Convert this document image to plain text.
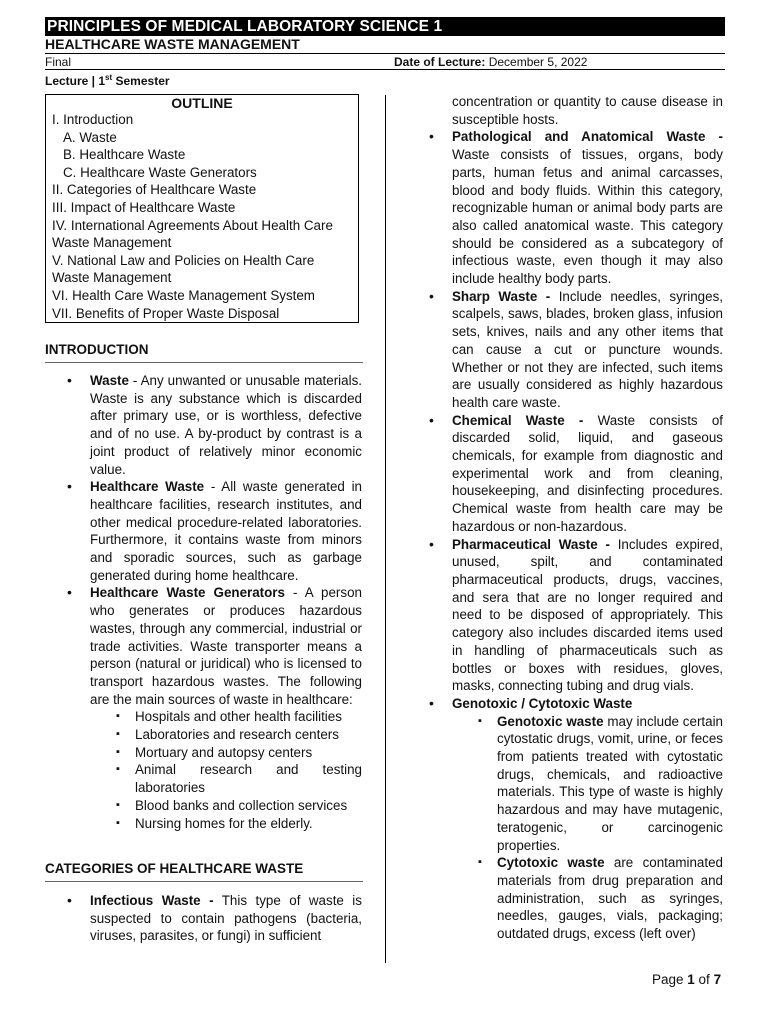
PRINCIPLES OF MEDICAL LABORATORY SCIENCE 1
HEALTHCARE WASTE MANAGEMENT
Final	Date of Lecture: December 5, 2022
Lecture | 1st Semester
OUTLINE
I. Introduction
A. Waste
B. Healthcare Waste
C. Healthcare Waste Generators
II. Categories of Healthcare Waste
III. Impact of Healthcare Waste
IV. International Agreements About Health Care
Waste Management
V. National Law and Policies on Health Care
Waste Management
VI. Health Care Waste Management System
VII. Benefits of Proper Waste Disposal
INTRODUCTION
• Waste - Any unwanted or unusable materials. Waste is any substance which is discarded after primary use, or is worthless, defective and of no use. A by-product by contrast is a joint product of relatively minor economic value.
• Healthcare Waste - All waste generated in healthcare facilities, research institutes, and other medical procedure-related laboratories. Furthermore, it contains waste from minors and sporadic sources, such as garbage generated during home healthcare.
• Healthcare Waste Generators - A person who generates or produces hazardous wastes, through any commercial, industrial or trade activities. Waste transporter means a person (natural or juridical) who is licensed to transport hazardous wastes. The following are the main sources of waste in healthcare:
▪ Hospitals and other health facilities
▪ Laboratories and research centers
▪ Mortuary and autopsy centers
▪ Animal research and testing laboratories
▪ Blood banks and collection services
▪ Nursing homes for the elderly.
CATEGORIES OF HEALTHCARE WASTE
• Infectious Waste - This type of waste is suspected to contain pathogens (bacteria, viruses, parasites, or fungi) in sufficient
concentration or quantity to cause disease in susceptible hosts.
• Pathological and Anatomical Waste - Waste consists of tissues, organs, body parts, human fetus and animal carcasses, blood and body fluids. Within this category, recognizable human or animal body parts are also called anatomical waste. This category should be considered as a subcategory of infectious waste, even though it may also include healthy body parts.
• Sharp Waste - Include needles, syringes, scalpels, saws, blades, broken glass, infusion sets, knives, nails and any other items that can cause a cut or puncture wounds. Whether or not they are infected, such items are usually considered as highly hazardous health care waste.
• Chemical Waste - Waste consists of discarded solid, liquid, and gaseous chemicals, for example from diagnostic and experimental work and from cleaning, housekeeping, and disinfecting procedures. Chemical waste from health care may be hazardous or non-hazardous.
• Pharmaceutical Waste - Includes expired, unused, spilt, and contaminated pharmaceutical products, drugs, vaccines, and sera that are no longer required and need to be disposed of appropriately. This category also includes discarded items used in handling of pharmaceuticals such as bottles or boxes with residues, gloves, masks, connecting tubing and drug vials.
• Genotoxic / Cytotoxic Waste
▪ Genotoxic waste may include certain cytostatic drugs, vomit, urine, or feces from patients treated with cytostatic drugs, chemicals, and radioactive materials. This type of waste is highly hazardous and may have mutagenic, teratogenic, or carcinogenic properties.
▪ Cytotoxic waste are contaminated materials from drug preparation and administration, such as syringes, needles, gauges, vials, packaging; outdated drugs, excess (left over)
Page 1 of 7
